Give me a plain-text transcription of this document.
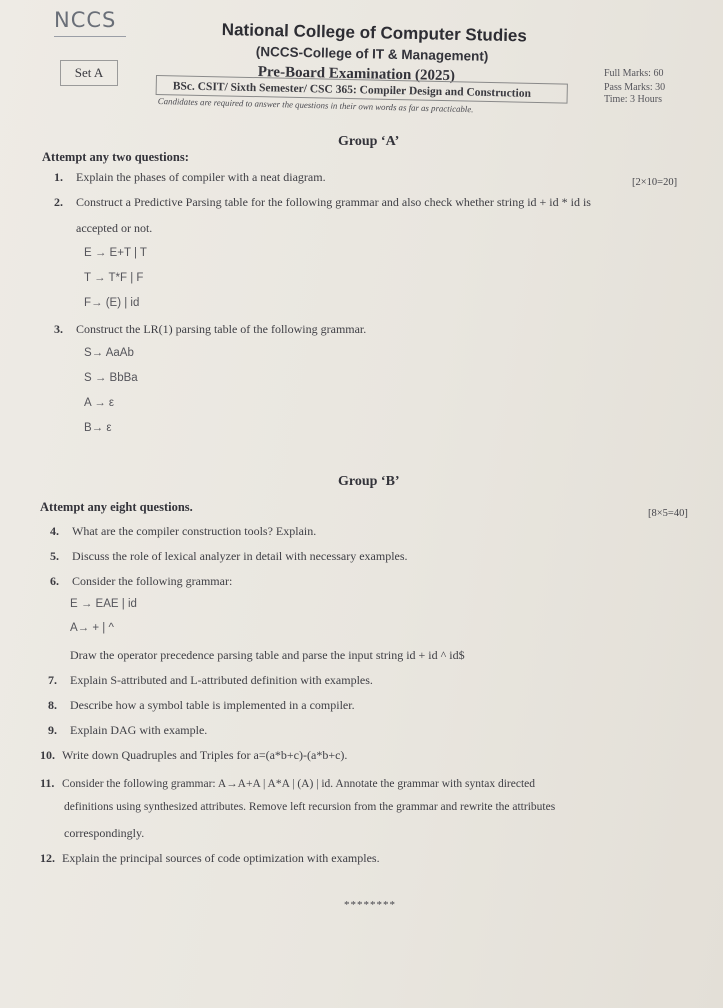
NCCS	National College of Computer Studies
(NCCS-College of IT & Management)
Pre-Board Examination (2025)
Set A
BSc. CSIT/ Sixth Semester/ CSC 365: Compiler Design and Construction
Candidates are required to answer the questions in their own words as far as practicable.
Full Marks: 60
Pass Marks: 30
Time: 3 Hours
Group ‘A’
Attempt any two questions:
[2×10=20]
1. Explain the phases of compiler with a neat diagram.
2. Construct a Predictive Parsing table for the following grammar and also check whether string id + id * id is
accepted or not.
E → E+T | T
T → T*F | F
F→ (E) | id
3. Construct the LR(1) parsing table of the following grammar.
S→ AaAb
S → BbBa
A → ε
B→ ε
Group ‘B’
Attempt any eight questions.	[8×5=40]
4. What are the compiler construction tools? Explain.
5. Discuss the role of lexical analyzer in detail with necessary examples.
6. Consider the following grammar:
E → EAE | id
A→ + | ^
Draw the operator precedence parsing table and parse the input string id + id ^ id$
7. Explain S-attributed and L-attributed definition with examples.
8. Describe how a symbol table is implemented in a compiler.
9. Explain DAG with example.
10. Write down Quadruples and Triples for a=(a*b+c)-(a*b+c).
11. Consider the following grammar: A→A+A | A*A | (A) | id. Annotate the grammar with syntax directed
definitions using synthesized attributes. Remove left recursion from the grammar and rewrite the attributes
correspondingly.
12. Explain the principal sources of code optimization with examples.
********
